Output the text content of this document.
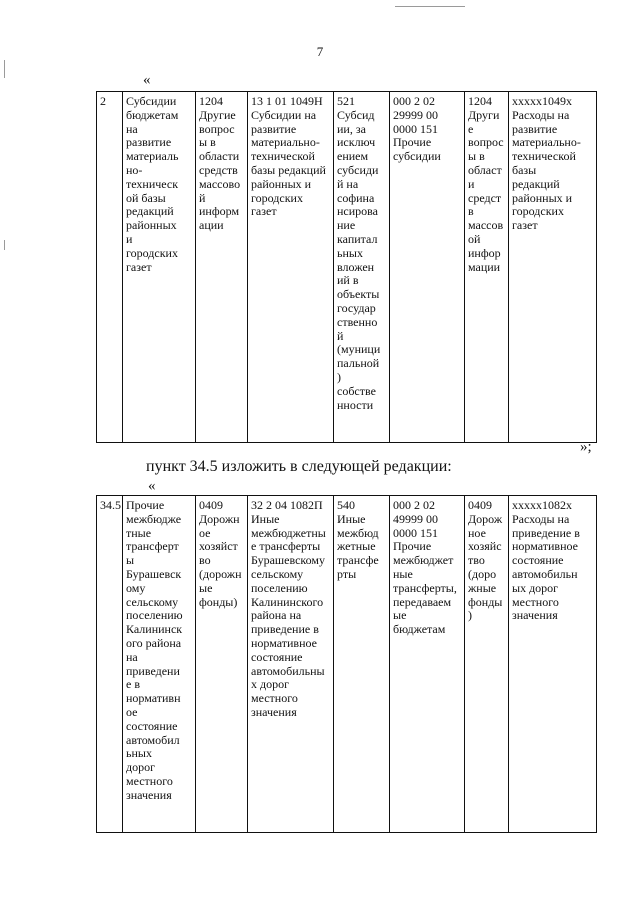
7
«
2	Субсидии
бюджетам
на
развитие
материаль
но-
техническ
ой базы
редакций
районных
и
городских
газет	1204
Другие
вопрос
ы в
области
средств
массово
й
информ
ации	13 1 01 1049Н
Субсидии на
развитие
материально-
технической
базы редакций
районных и
городских
газет	521
Субсид
ии, за
исключ
ением
субсиди
й на
софина
нсирова
ние
капитал
ьных
вложен
ий в
объекты
государ
ственно
й
(муници
пальной
)
собстве
нности	000 2 02
29999 00
0000 151
Прочие
субсидии	1204
Други
е
вопрос
ы в
област
и
средст
в
массов
ой
инфор
мации	xxxxx1049x
Расходы на
развитие
материально-
технической
базы
редакций
районных и
городских
газет
»;
пункт 34.5 изложить в следующей редакции:
«
34.5	Прочие
межбюдже
тные
трансферт
ы
Бурашевск
ому
сельскому
поселению
Калининск
ого района
на
приведени
е в
нормативн
ое
состояние
автомобил
ьных
дорог
местного
значения	0409
Дорожн
ое
хозяйст
во
(дорожн
ые
фонды)	32 2 04 1082П
Иные
межбюджетны
е трансферты
Бурашевскому
сельскому
поселению
Калининского
района на
приведение в
нормативное
состояние
автомобильны
х дорог
местного
значения	540
Иные
межбюд
жетные
трансфе
рты	000 2 02
49999 00
0000 151
Прочие
межбюджет
ные
трансферты,
передаваем
ые
бюджетам	0409
Дорож
ное
хозяйс
тво
(доро
жные
фонды
)	xxxxx1082x
Расходы на
приведение в
нормативное
состояние
автомобильн
ых дорог
местного
значения
